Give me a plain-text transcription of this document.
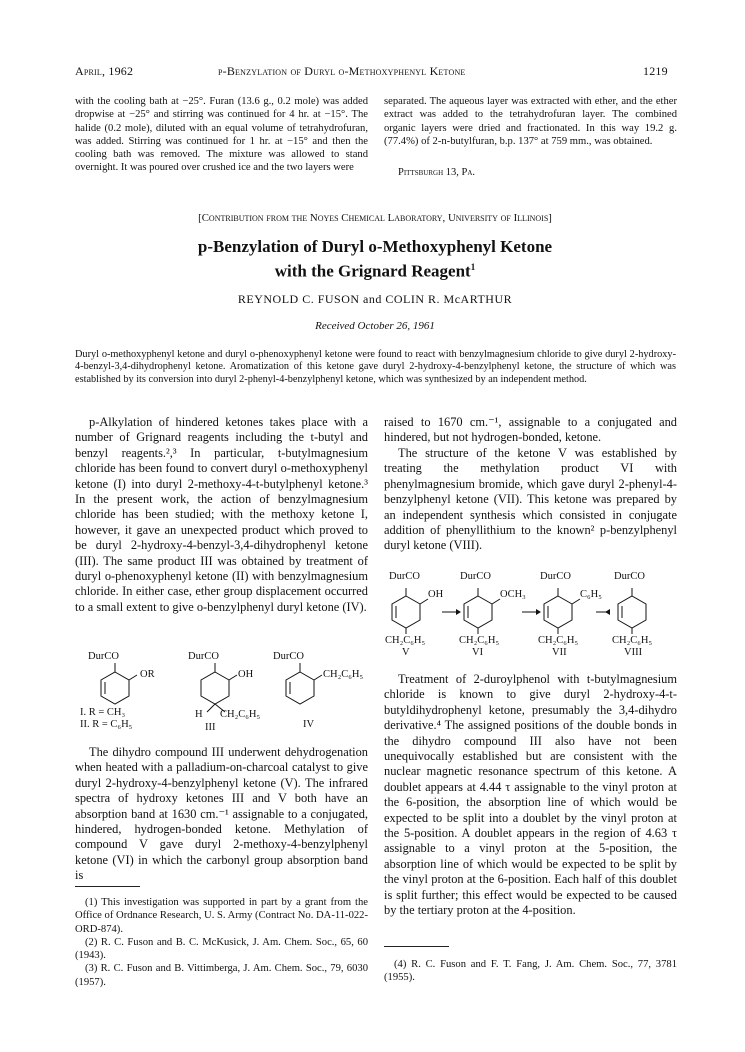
April, 1962	p-Benzylation of Duryl o-Methoxyphenyl Ketone	1219
with the cooling bath at −25°. Furan (13.6 g., 0.2 mole) was added dropwise at −25° and stirring was continued for 4 hr. at −15°. The halide (0.2 mole), diluted with an equal volume of tetrahydrofuran, was added. Stirring was continued for 1 hr. at −15° and then the cooling bath was removed. The mixture was allowed to stand overnight. It was poured over crushed ice and the two layers were
separated. The aqueous layer was extracted with ether, and the ether extract was added to the tetrahydrofuran layer. The combined organic layers were dried and fractionated. In this way 19.2 g. (77.4%) of 2-n-butylfuran, b.p. 137° at 759 mm., was obtained.
Pittsburgh 13, Pa.
[Contribution from the Noyes Chemical Laboratory, University of Illinois]
p-Benzylation of Duryl o-Methoxyphenyl Ketone
with the Grignard Reagent$^1$
REYNOLD C. FUSON and COLIN R. McARTHUR
Received October 26, 1961
Duryl o-methoxyphenyl ketone and duryl o-phenoxyphenyl ketone were found to react with benzylmagnesium chloride to give duryl 2-hydroxy-4-benzyl-3,4-dihydrophenyl ketone. Aromatization of this ketone gave duryl 2-hydroxy-4-benzylphenyl ketone, the structure of which was established by its conversion into duryl 2-phenyl-4-benzylphenyl ketone, which was synthesized by an independent method.
p-Alkylation of hindered ketones takes place with a number of Grignard reagents including the t-butyl and benzyl reagents.²,³ In particular, t-butylmagnesium chloride has been found to convert duryl o-methoxyphenyl ketone (I) into duryl 2-methoxy-4-t-butylphenyl ketone.³ In the present work, the action of benzylmagnesium chloride has been studied; with the methoxy ketone I, however, it gave an unexpected product which proved to be duryl 2-hydroxy-4-benzyl-3,4-dihydrophenyl ketone (III). The same product III was obtained by treatment of duryl o-phenoxyphenyl ketone (II) with benzylmagnesium chloride. In either case, ether group displacement occurred to a small extent to give o-benzylphenyl duryl ketone (IV).
DurCO
OR
DurCO
OH
H CH₂C₆H₅
DurCO
CH₂C₆H₅
I. R = CH₃
II. R = C₆H₅	III	IV
The dihydro compound III underwent dehydrogenation when heated with a palladium-on-charcoal catalyst to give duryl 2-hydroxy-4-benzylphenyl ketone (V). The infrared spectra of hydroxy ketones III and V both have an absorption band at 1630 cm.⁻¹ assignable to a conjugated, hindered, hydrogen-bonded ketone. Methylation of compound V gave duryl 2-methoxy-4-benzylphenyl ketone (VI) in which the carbonyl group absorption band is

(1) This investigation was supported in part by a grant from the Office of Ordnance Research, U. S. Army (Contract No. DA-11-022-ORD-874).

(2) R. C. Fuson and B. C. McKusick, J. Am. Chem. Soc., 65, 60 (1943).

(3) R. C. Fuson and B. Vittimberga, J. Am. Chem. Soc., 79, 6030 (1957).

raised to 1670 cm.⁻¹, assignable to a conjugated and hindered, but not hydrogen-bonded, ketone.
The structure of the ketone V was established by treating the methylation product VI with phenylmagnesium bromide, which gave duryl 2-phenyl-4-benzylphenyl ketone (VII). This ketone was prepared by an independent synthesis which consisted in conjugate addition of phenyllithium to the known² p-benzylphenyl duryl ketone (VIII).
DurCO
OH
DurCO
OCH₃
DurCO
C₆H₅
DurCO
CH₂C₆H₅	CH₂C₆H₅	CH₂C₆H₅	CH₂C₆H₅
V	VI	VII	VIII
Treatment of 2-duroylphenol with t-butylmagnesium chloride is known to give duryl 2-hydroxy-4-t-butyldihydrophenyl ketone, presumably the 3,4-dihydro derivative.⁴ The assigned positions of the double bonds in the dihydro compound III also have not been unequivocally established but are consistent with the nuclear magnetic resonance spectrum of this ketone. A doublet appears at 4.44 τ assignable to the vinyl proton at the 6-position, the absorption line of which would be expected to be split into a doublet by the vinyl proton at the 5-position. A doublet appears in the region of 4.63 τ assignable to a vinyl proton at the 5-position, the absorption line of which would be expected to be split by the vinyl proton at the 6-position. Each half of this doublet is split further; this effect would be expected to be caused by the tertiary proton at the 4-position.
(4) R. C. Fuson and F. T. Fang, J. Am. Chem. Soc., 77, 3781 (1955).
